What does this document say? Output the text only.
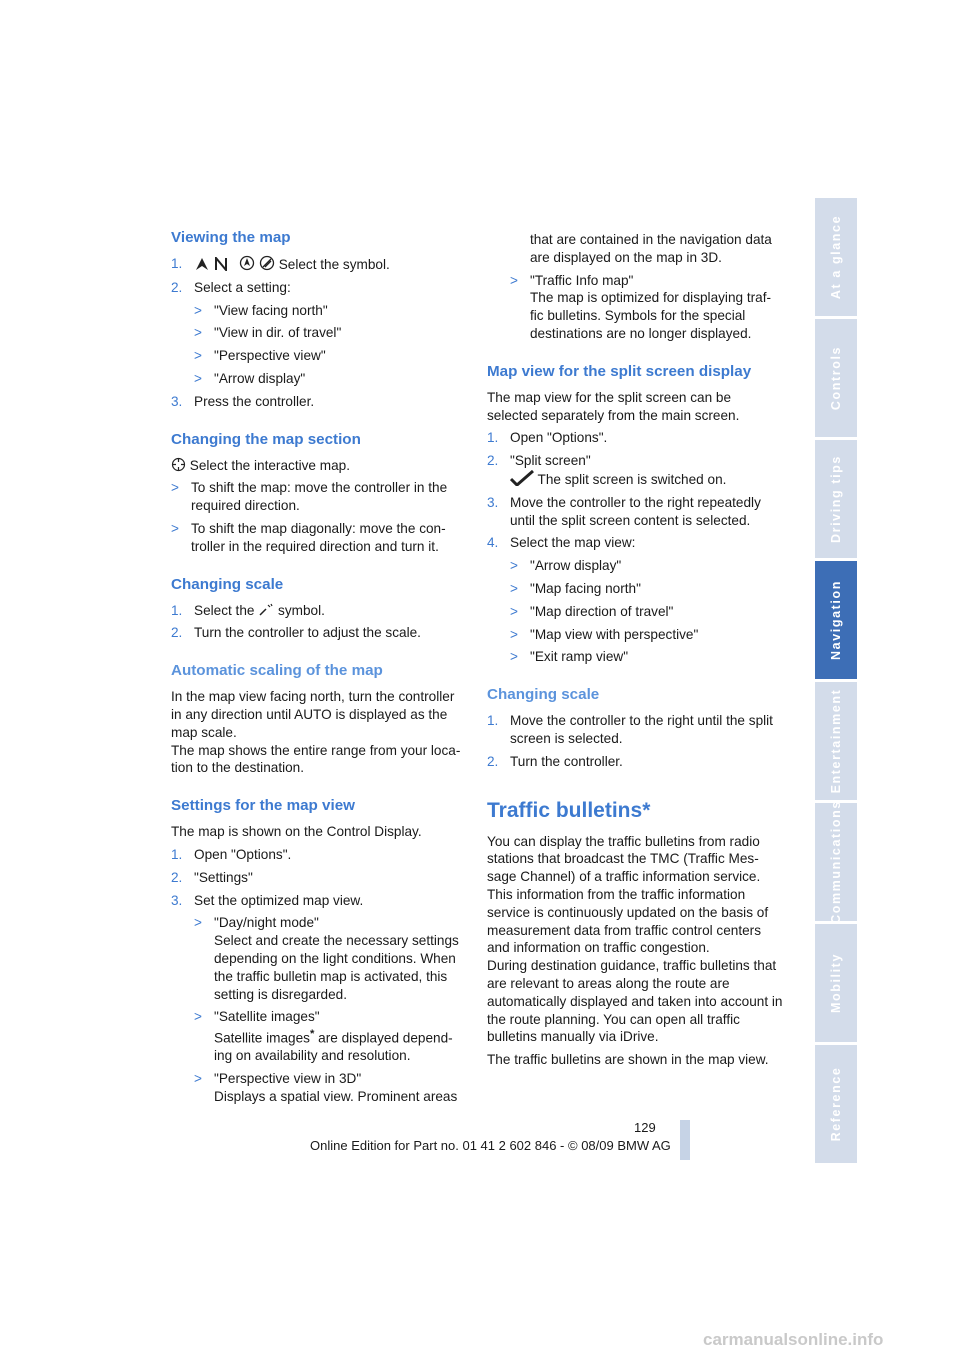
Viewing the map
1.	Select the symbol.
2. Select a setting:
> "View facing north"
> "View in dir. of travel"
> "Perspective view"
> "Arrow display"
3. Press the controller.
Changing the map section

Select the interactive map.

> To shift the map: move the controller in the required direction.
> To shift the map diagonally: move the con-troller in the required direction and turn it.
Changing scale
1. Select the symbol.
2. Turn the controller to adjust the scale.
Automatic scaling of the map

In the map view facing north, turn the controller in any direction until AUTO is displayed as the map scale.

The map shows the entire range from your loca-tion to the destination.

Settings for the map view

The map is shown on the Control Display.

1. Open "Options".
2. "Settings"
3. Set the optimized map view.
> "Day/night mode"
Select and create the necessary settings depending on the light conditions. When the traffic bulletin map is activated, this setting is disregarded.
> "Satellite images"
Satellite images* are displayed depend-ing on availability and resolution.
> "Perspective view in 3D"
Displays a spatial view. Prominent areas

that are contained in the navigation data are displayed on the map in 3D.

> "Traffic Info map"
The map is optimized for displaying traf-fic bulletins. Symbols for the special destinations are no longer displayed.
Map view for the split screen display

The map view for the split screen can be selected separately from the main screen.

1. Open "Options".
2. "Split screen"
The split screen is switched on.
3. Move the controller to the right repeatedly until the split screen content is selected.
4. Select the map view:
> "Arrow display"
> "Map facing north"
> "Map direction of travel"
> "Map view with perspective"
> "Exit ramp view"
Changing scale
1. Move the controller to the right until the split screen is selected.
2. Turn the controller.
Traffic bulletins*

You can display the traffic bulletins from radio stations that broadcast the TMC (Traffic Mes-sage Channel) of a traffic information service. This information from the traffic information service is continuously updated on the basis of measurement data from traffic control centers and information on traffic congestion.

During destination guidance, traffic bulletins that are relevant to areas along the route are automatically displayed and taken into account in the route planning. You can open all traffic bulletins manually via iDrive.

The traffic bulletins are shown in the map view.

At a glance
Controls
Driving tips
Navigation
Entertainment
Communications
Mobility
Reference
129
Online Edition for Part no. 01 41 2 602 846 - © 08/09 BMW AG
carmanualsonline.info
